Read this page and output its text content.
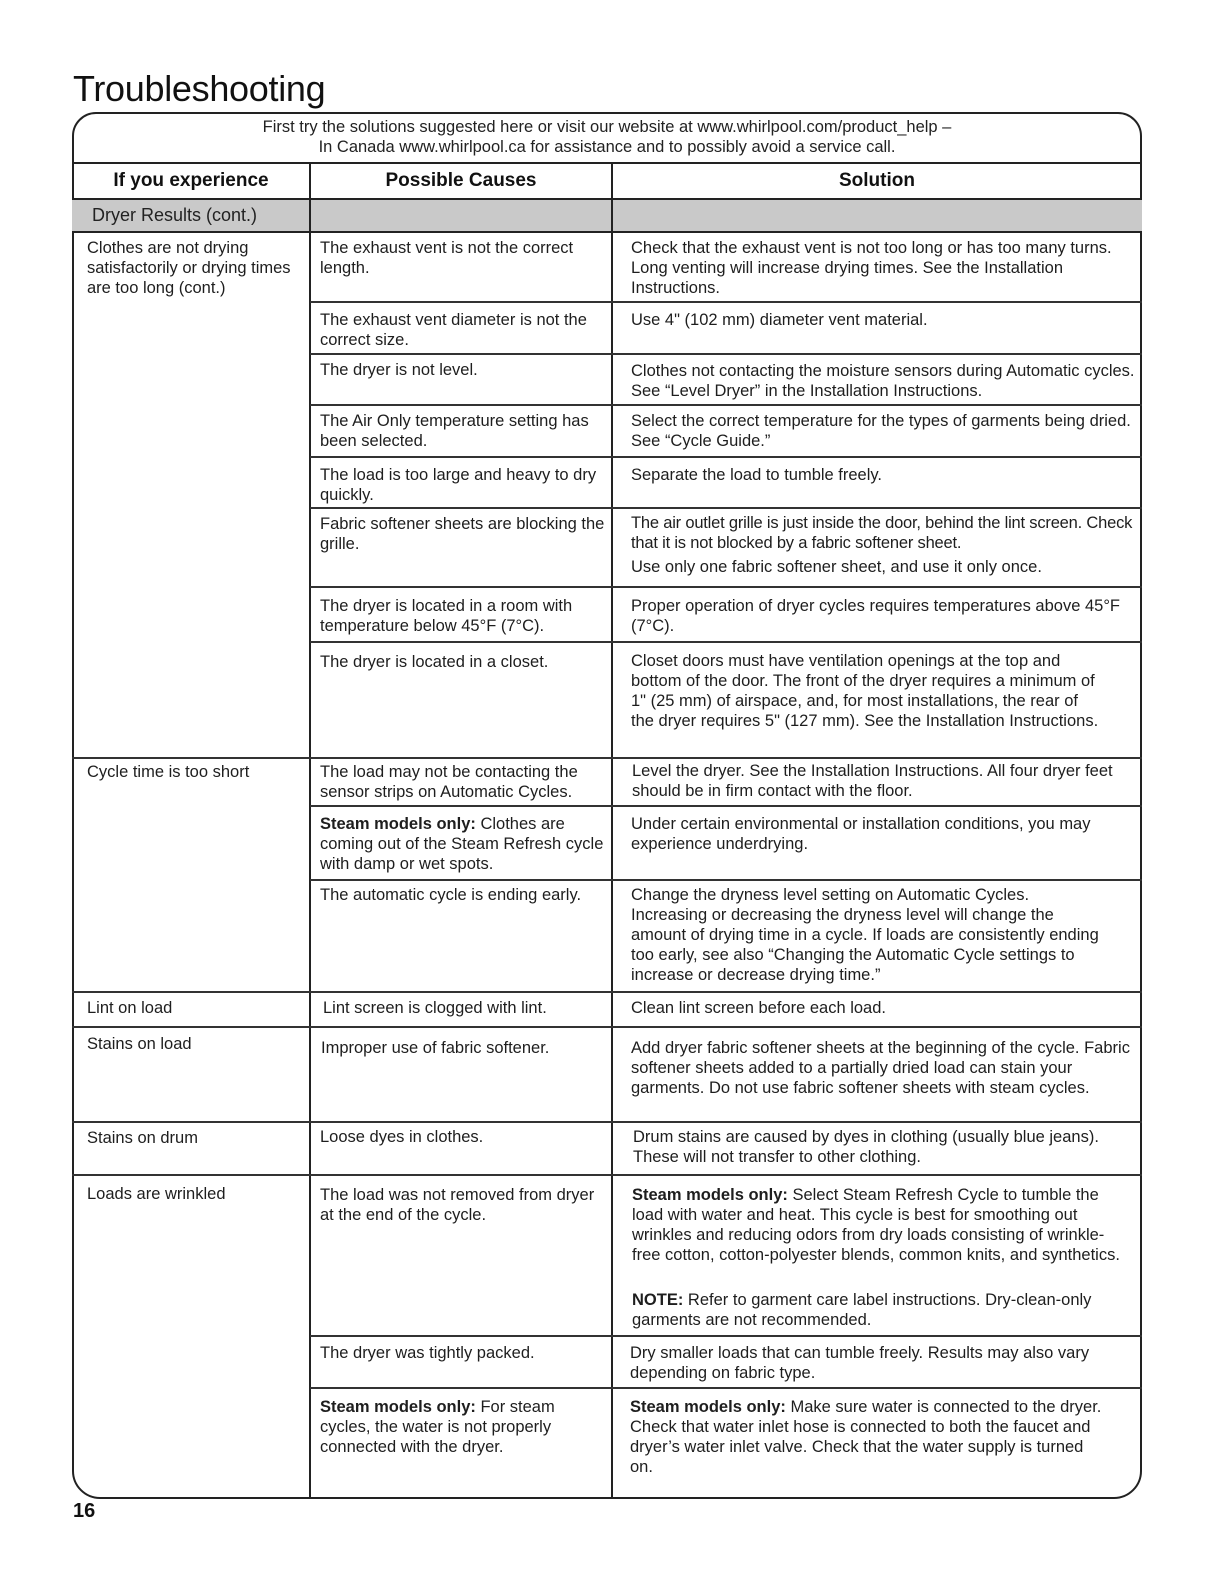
Troubleshooting
First try the solutions suggested here or visit our website at www.whirlpool.com/product_help –
In Canada www.whirlpool.ca for assistance and to possibly avoid a service call.
If you experience	Possible Causes	Solution
Dryer Results (cont.)
Clothes are not drying satisfactorily or drying times are too long (cont.)
Cycle time is too short
Lint on load
Stains on load
Stains on drum
Loads are wrinkled
The exhaust vent is not the correct length.
The exhaust vent diameter is not the correct size.
The dryer is not level.
The Air Only temperature setting has been selected.
The load is too large and heavy to dry quickly.
Fabric softener sheets are blocking the grille.
The dryer is located in a room with temperature below 45°F (7°C).
The dryer is located in a closet.
The load may not be contacting the sensor strips on Automatic Cycles.
Steam models only: Clothes are coming out of the Steam Refresh cycle with damp or wet spots.
The automatic cycle is ending early.
Lint screen is clogged with lint.
Improper use of fabric softener.
Loose dyes in clothes.
The load was not removed from dryer at the end of the cycle.
The dryer was tightly packed.
Steam models only: For steam cycles, the water is not properly connected with the dryer.
Check that the exhaust vent is not too long or has too many turns. Long venting will increase drying times. See the Installation Instructions.
Use 4" (102 mm) diameter vent material.
Clothes not contacting the moisture sensors during Automatic cycles. See “Level Dryer” in the Installation Instructions.
Select the correct temperature for the types of garments being dried. See “Cycle Guide.”
Separate the load to tumble freely.
The air outlet grille is just inside the door, behind the lint screen. Check that it is not blocked by a fabric softener sheet.
Use only one fabric softener sheet, and use it only once.
Proper operation of dryer cycles requires temperatures above 45°F (7°C).
Closet doors must have ventilation openings at the top and bottom of the door. The front of the dryer requires a minimum of 1" (25 mm) of airspace, and, for most installations, the rear of the dryer requires 5" (127 mm). See the Installation Instructions.
Level the dryer. See the Installation Instructions. All four dryer feet should be in firm contact with the floor.
Under certain environmental or installation conditions, you may experience underdrying.
Change the dryness level setting on Automatic Cycles. Increasing or decreasing the dryness level will change the amount of drying time in a cycle. If loads are consistently ending too early, see also “Changing the Automatic Cycle settings to increase or decrease drying time.”
Clean lint screen before each load.
Add dryer fabric softener sheets at the beginning of the cycle. Fabric softener sheets added to a partially dried load can stain your garments. Do not use fabric softener sheets with steam cycles.
Drum stains are caused by dyes in clothing (usually blue jeans). These will not transfer to other clothing.
Steam models only: Select Steam Refresh Cycle to tumble the load with water and heat. This cycle is best for smoothing out wrinkles and reducing odors from dry loads consisting of wrinkle-free cotton, cotton-polyester blends, common knits, and synthetics.
NOTE: Refer to garment care label instructions. Dry-clean-only garments are not recommended.
Dry smaller loads that can tumble freely. Results may also vary depending on fabric type.
Steam models only: Make sure water is connected to the dryer. Check that water inlet hose is connected to both the faucet and dryer’s water inlet valve. Check that the water supply is turned on.
16
